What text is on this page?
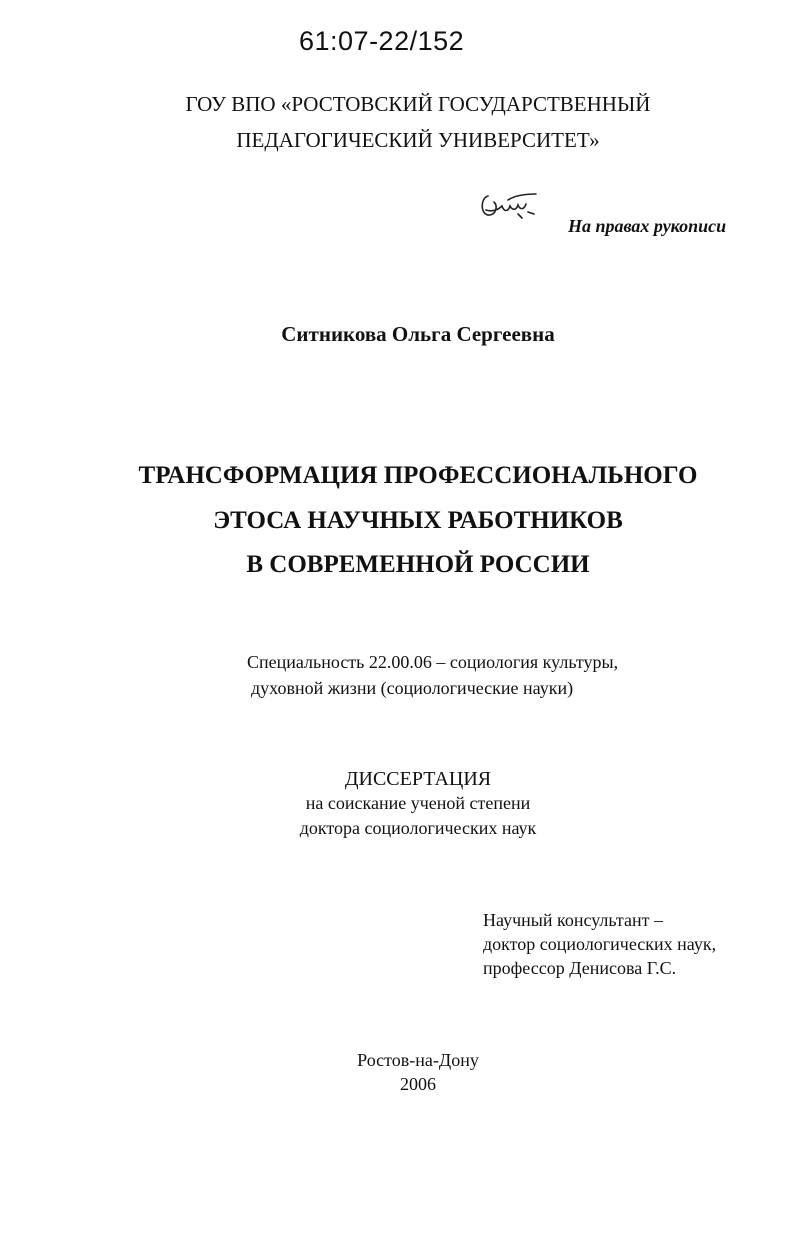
61:07-22/152
ГОУ ВПО «РОСТОВСКИЙ ГОСУДАРСТВЕННЫЙ
ПЕДАГОГИЧЕСКИЙ УНИВЕРСИТЕТ»
На правах рукописи
Ситникова Ольга Сергеевна
ТРАНСФОРМАЦИЯ ПРОФЕССИОНАЛЬНОГО
ЭТОСА НАУЧНЫХ РАБОТНИКОВ
В СОВРЕМЕННОЙ РОССИИ
Специальность 22.00.06 – социология культуры,
духовной жизни (социологические науки)
ДИССЕРТАЦИЯ
на соискание ученой степени
доктора социологических наук
Научный консультант –
доктор социологических наук,
профессор Денисова Г.С.
Ростов-на-Дону
2006
